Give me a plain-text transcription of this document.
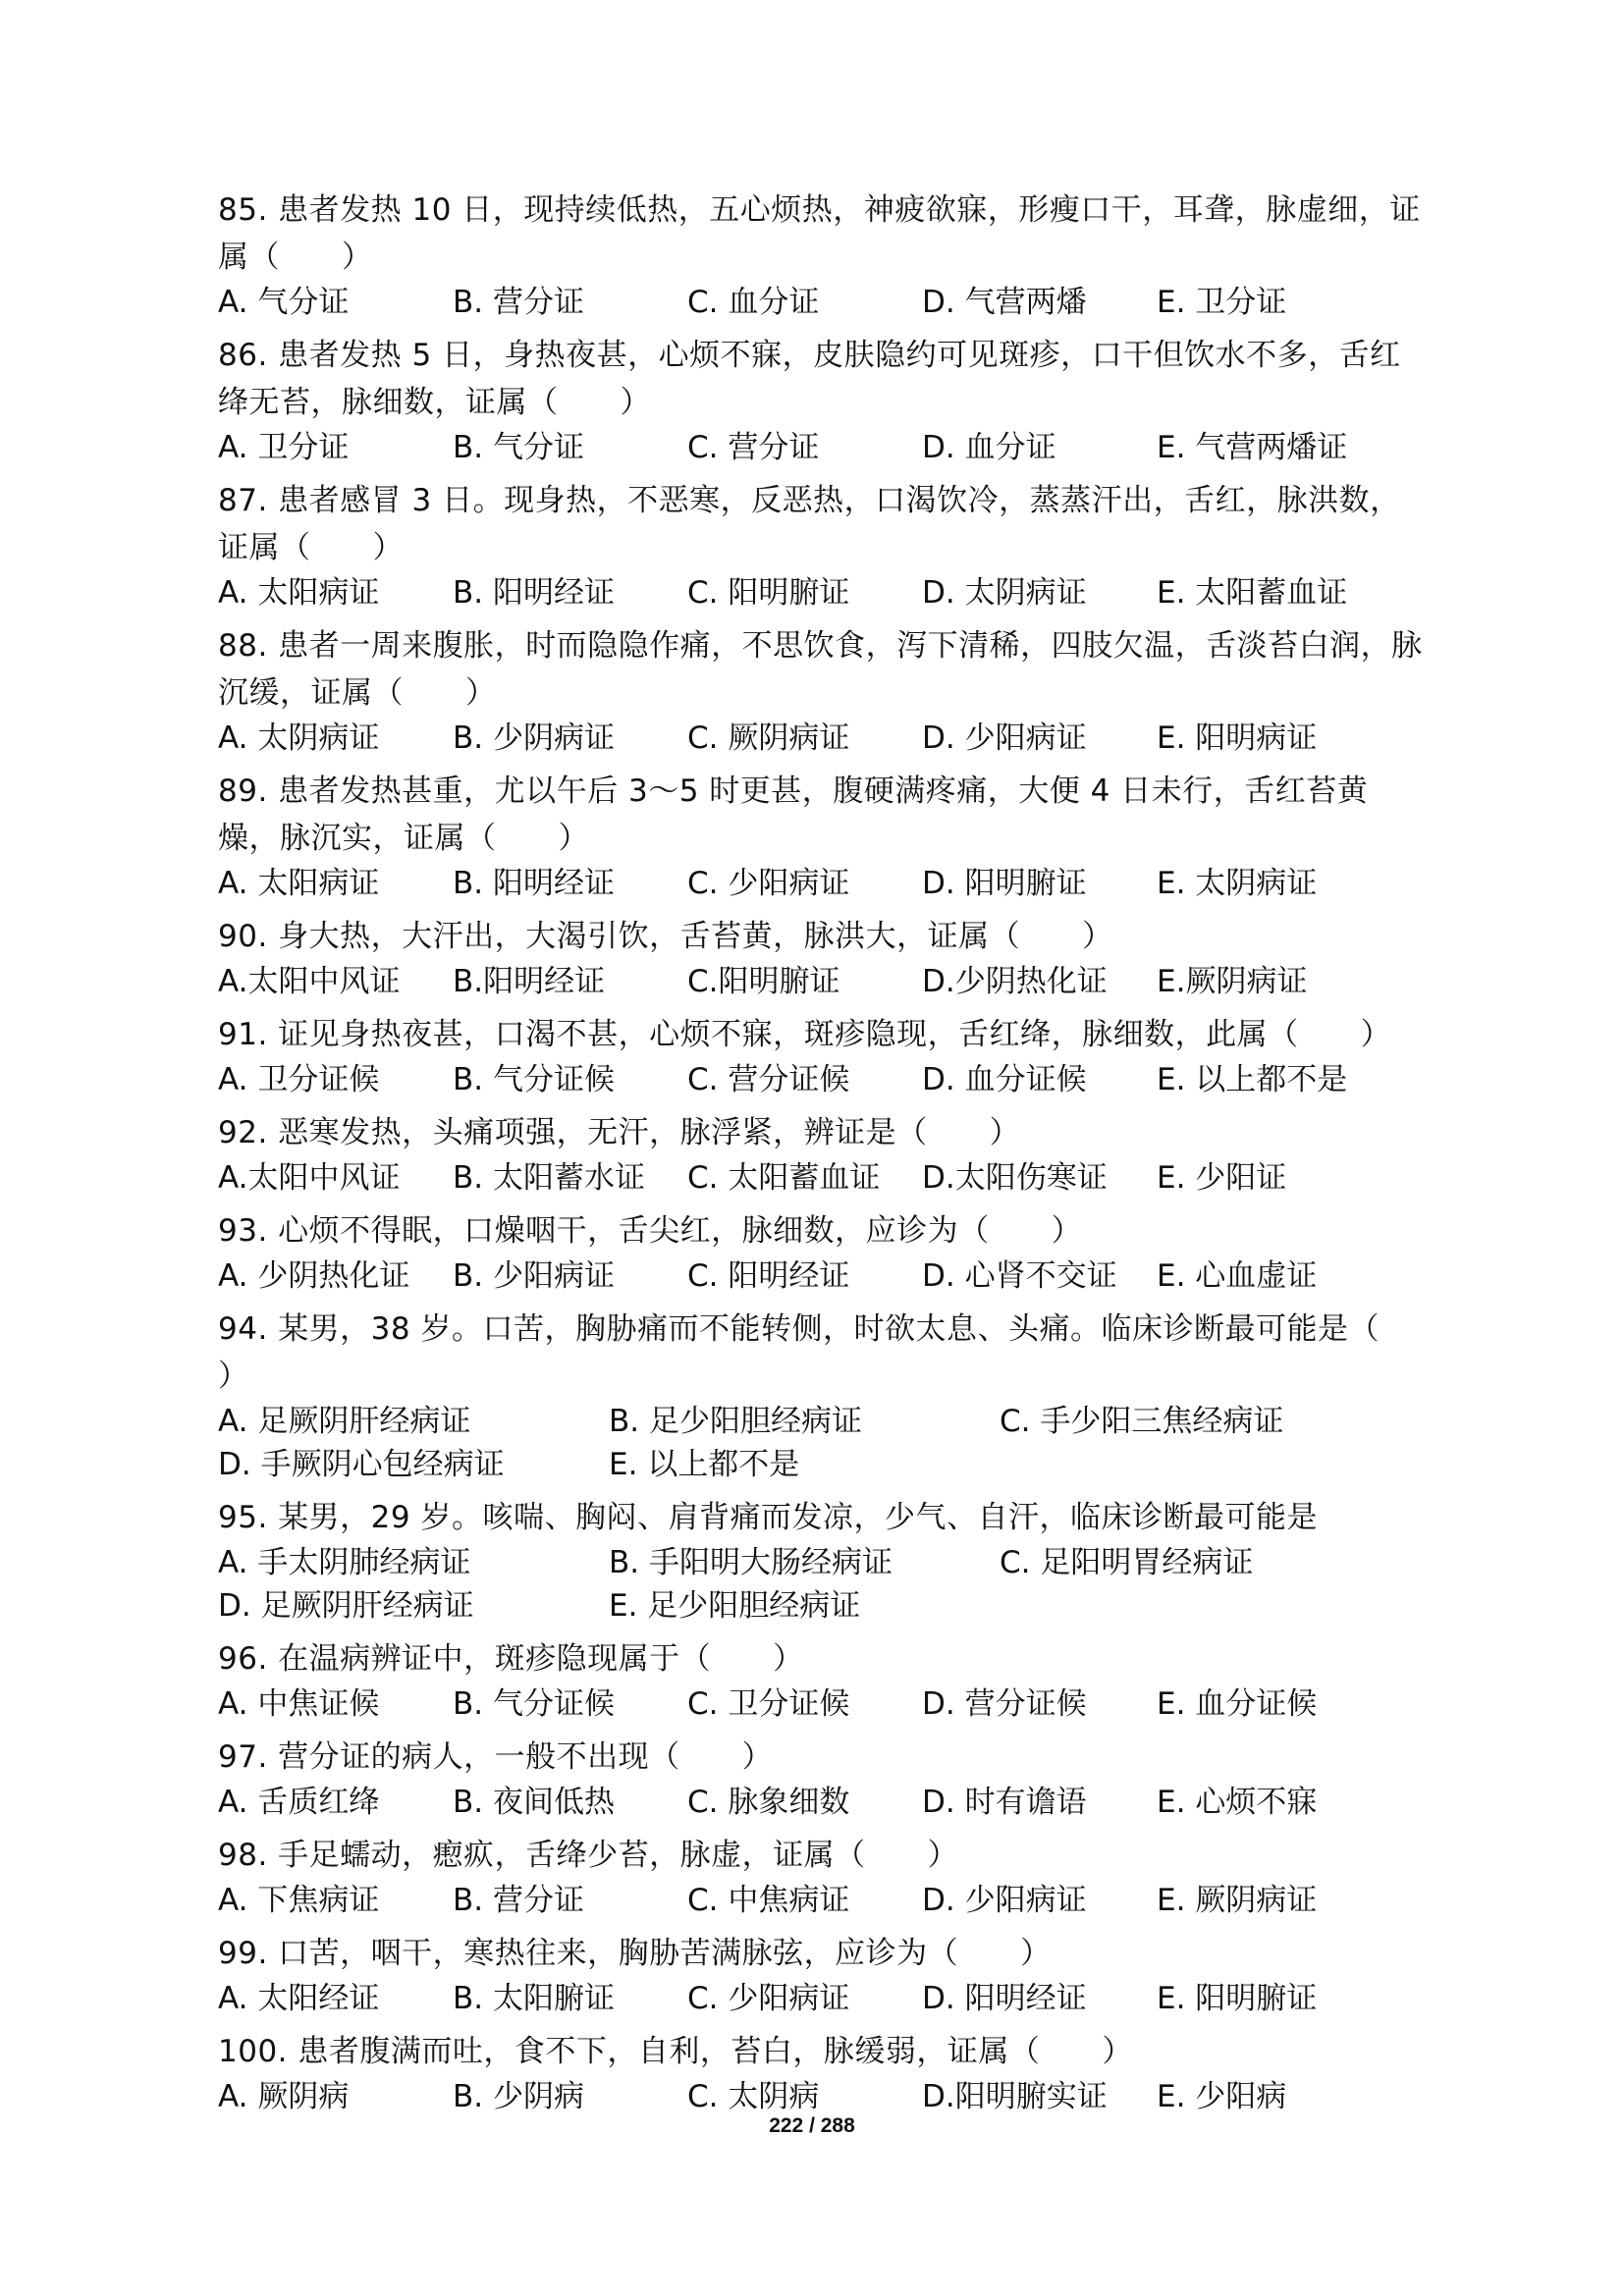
85. 患者发热 10 日，现持续低热，五心烦热，神疲欲寐，形瘦口干，耳聋，脉虚细，证属（　　）

A. 气分证	B. 营分证	C. 血分证	D. 气营两燔	E. 卫分证

86. 患者发热 5 日，身热夜甚，心烦不寐，皮肤隐约可见斑疹，口干但饮水不多，舌红绛无苔，脉细数，证属（　　）

A. 卫分证	B. 气分证	C. 营分证	D. 血分证	E. 气营两燔证

87. 患者感冒 3 日。现身热，不恶寒，反恶热，口渴饮冷，蒸蒸汗出，舌红，脉洪数，证属（　　）

A. 太阳病证	B. 阳明经证	C. 阳明腑证	D. 太阴病证	E. 太阳蓄血证

88. 患者一周来腹胀，时而隐隐作痛，不思饮食，泻下清稀，四肢欠温，舌淡苔白润，脉沉缓，证属（　　）

A. 太阴病证	B. 少阴病证	C. 厥阴病证	D. 少阳病证	E. 阳明病证

89. 患者发热甚重，尤以午后 3～5 时更甚，腹硬满疼痛，大便 4 日未行，舌红苔黄燥，脉沉实，证属（　　）

A. 太阳病证	B. 阳明经证	C. 少阳病证	D. 阳明腑证	E. 太阴病证

90. 身大热，大汗出，大渴引饮，舌苔黄，脉洪大，证属（　　）

A.太阳中风证	B.阳明经证	C.阳明腑证	D.少阴热化证	E.厥阴病证

91. 证见身热夜甚，口渴不甚，心烦不寐，斑疹隐现，舌红绛，脉细数，此属（　　）

A. 卫分证候	B. 气分证候	C. 营分证候	D. 血分证候	E. 以上都不是

92. 恶寒发热，头痛项强，无汗，脉浮紧，辨证是（　　）

A.太阳中风证	B. 太阳蓄水证	C. 太阳蓄血证	D.太阳伤寒证	E. 少阳证

93. 心烦不得眠，口燥咽干，舌尖红，脉细数，应诊为（　　）

A. 少阴热化证	B. 少阳病证	C. 阳明经证	D. 心肾不交证	E. 心血虚证

94. 某男，38 岁。口苦，胸胁痛而不能转侧，时欲太息、头痛。临床诊断最可能是（　　）

A. 足厥阴肝经病证	B. 足少阳胆经病证	C. 手少阳三焦经病证
D. 手厥阴心包经病证	E. 以上都不是

95. 某男，29 岁。咳喘、胸闷、肩背痛而发凉，少气、自汗，临床诊断最可能是

A. 手太阴肺经病证	B. 手阳明大肠经病证	C. 足阳明胃经病证
D. 足厥阴肝经病证	E. 足少阳胆经病证

96. 在温病辨证中，斑疹隐现属于（　　）

A. 中焦证候	B. 气分证候	C. 卫分证候	D. 营分证候	E. 血分证候

97. 营分证的病人，一般不出现（　　）

A. 舌质红绛	B. 夜间低热	C. 脉象细数	D. 时有谵语	E. 心烦不寐

98. 手足蠕动，瘛疭，舌绛少苔，脉虚，证属（　　）

A. 下焦病证	B. 营分证	C. 中焦病证	D. 少阳病证	E. 厥阴病证

99. 口苦，咽干，寒热往来，胸胁苦满脉弦，应诊为（　　）

A. 太阳经证	B. 太阳腑证	C. 少阳病证	D. 阳明经证	E. 阳明腑证

100. 患者腹满而吐，食不下，自利，苔白，脉缓弱，证属（　　）

A. 厥阴病	B. 少阴病	C. 太阴病	D.阳明腑实证	E. 少阳病
222 / 288
